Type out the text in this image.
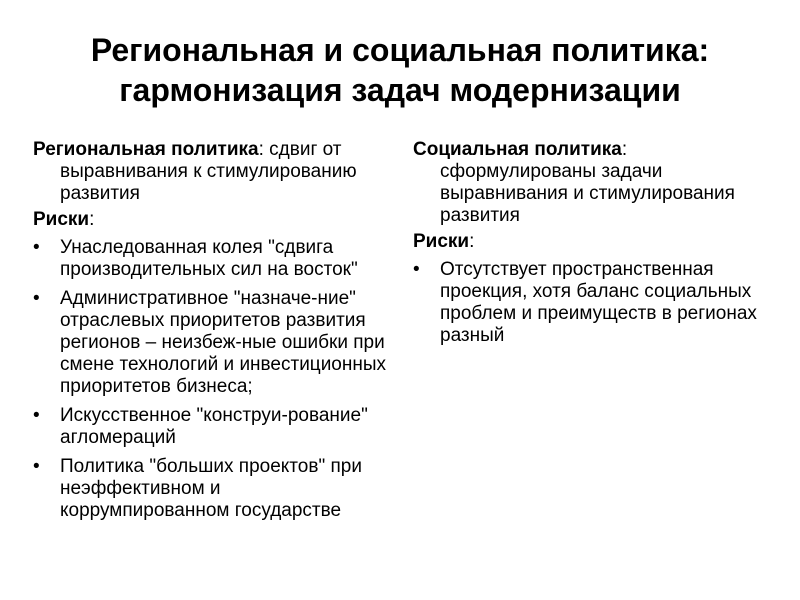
Региональная и социальная политика:
гармонизация задач модернизации

Региональная политика: сдвиг от выравнивания к стимулированию развития

Риски:
•	Унаследованная колея "сдвига производительных сил на восток"
•	Административное "назначе-ние" отраслевых приоритетов развития регионов – неизбеж-ные ошибки при смене технологий и инвестиционных приоритетов бизнеса;
•	Искусственное "конструи-рование" агломераций
•	Политика "больших проектов" при неэффективном и коррумпированном государстве

Социальная политика: сформулированы задачи выравнивания и стимулирования развития

Риски:
•	Отсутствует пространственная проекция, хотя баланс социальных проблем и преимуществ в регионах разный
